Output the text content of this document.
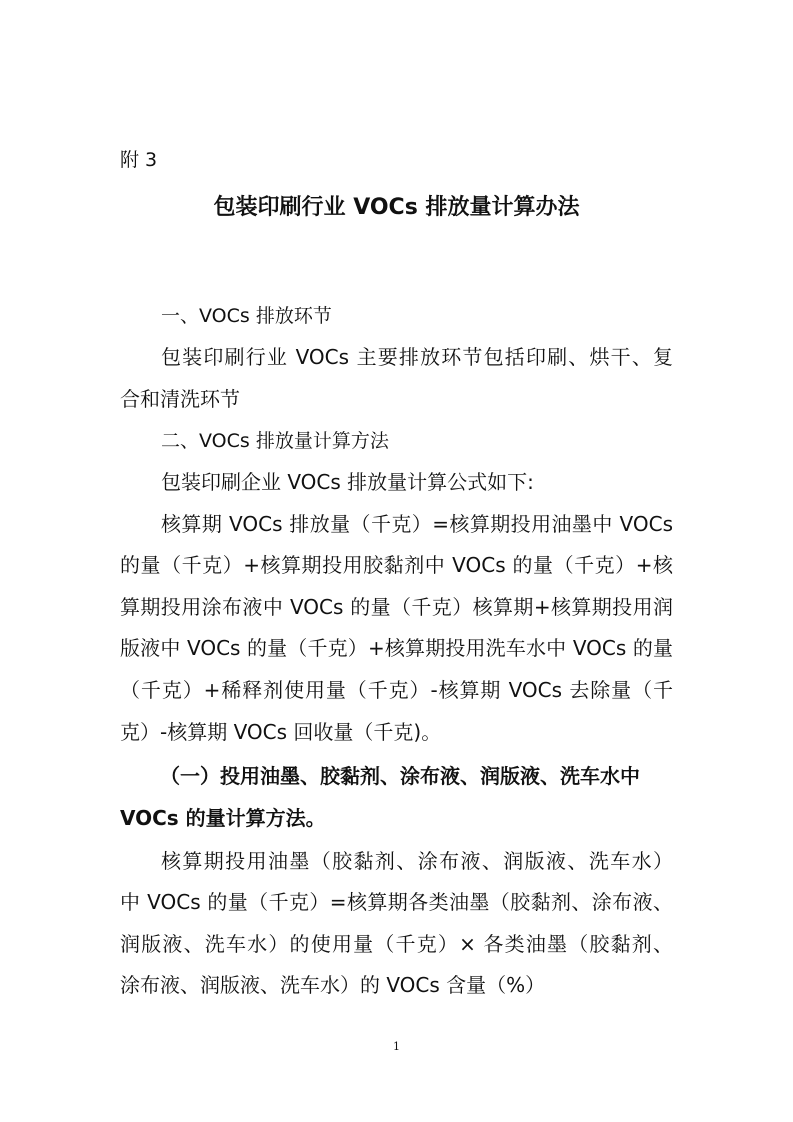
附 3

包装印刷行业 VOCs 排放量计算办法

一、VOCs 排放环节

包装印刷行业 VOCs 主要排放环节包括印刷、烘干、复

合和清洗环节

二、VOCs 排放量计算方法

包装印刷企业 VOCs 排放量计算公式如下:

核算期 VOCs 排放量（千克）=核算期投用油墨中 VOCs

的量（千克）+核算期投用胶黏剂中 VOCs 的量（千克）+核

算期投用涂布液中 VOCs 的量（千克）核算期+核算期投用润

版液中 VOCs 的量（千克）+核算期投用洗车水中 VOCs 的量

（千克）+稀释剂使用量（千克）-核算期 VOCs 去除量（千

克）-核算期 VOCs 回收量（千克)。

（一）投用油墨、胶黏剂、涂布液、润版液、洗车水中

VOCs 的量计算方法。

核算期投用油墨（胶黏剂、涂布液、润版液、洗车水）

中 VOCs 的量（千克）=核算期各类油墨（胶黏剂、涂布液、

润版液、洗车水）的使用量（千克）× 各类油墨（胶黏剂、

涂布液、润版液、洗车水）的 VOCs 含量（%）

1
